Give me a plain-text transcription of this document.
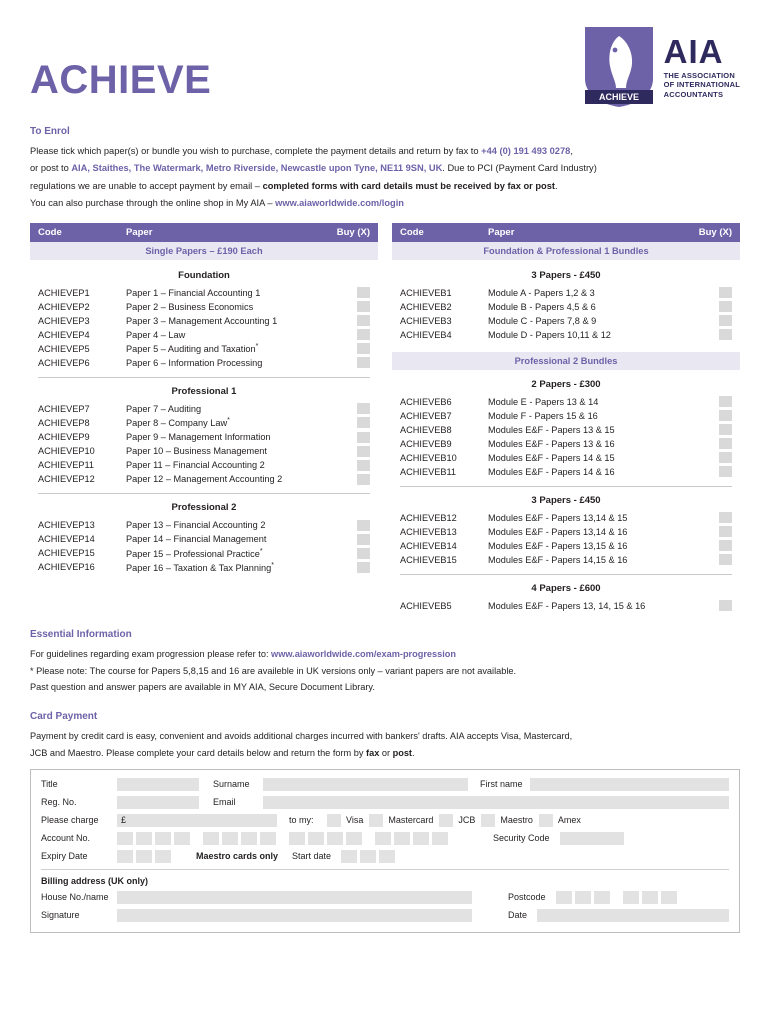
ACHIEVE	ACHIEVE
AIA
THE ASSOCIATION
OF INTERNATIONAL
ACCOUNTANTS
To Enrol

Please tick which paper(s) or bundle you wish to purchase, complete the payment details and return by fax to +44 (0) 191 493 0278,

or post to AIA, Staithes, The Watermark, Metro Riverside, Newcastle upon Tyne, NE11 9SN, UK. Due to PCI (Payment Card Industry)

regulations we are unable to accept payment by email – completed forms with card details must be received by fax or post.

You can also purchase through the online shop in My AIA – www.aiaworldwide.com/login

Code	Paper	Buy (X)
Single Papers – £190 Each
Foundation
ACHIEVEP1	Paper 1 – Financial Accounting 1
ACHIEVEP2	Paper 2 – Business Economics
ACHIEVEP3	Paper 3 – Management Accounting 1
ACHIEVEP4	Paper 4 – Law
ACHIEVEP5	Paper 5 – Auditing and Taxation*
ACHIEVEP6	Paper 6 – Information Processing
Professional 1
ACHIEVEP7	Paper 7 – Auditing
ACHIEVEP8	Paper 8 – Company Law*
ACHIEVEP9	Paper 9 – Management Information
ACHIEVEP10	Paper 10 – Business Management
ACHIEVEP11	Paper 11 – Financial Accounting 2
ACHIEVEP12	Paper 12 – Management Accounting 2
Professional 2
ACHIEVEP13	Paper 13 – Financial Accounting 2
ACHIEVEP14	Paper 14 – Financial Management
ACHIEVEP15	Paper 15 – Professional Practice*
ACHIEVEP16	Paper 16 – Taxation & Tax Planning*
Code	Paper	Buy (X)
Foundation & Professional 1 Bundles
3 Papers - £450
ACHIEVEB1	Module A - Papers 1,2 & 3
ACHIEVEB2	Module B - Papers 4,5 & 6
ACHIEVEB3	Module C - Papers 7,8 & 9
ACHIEVEB4	Module D - Papers 10,11 & 12
Professional 2 Bundles
2 Papers - £300
ACHIEVEB6	Module E - Papers 13 & 14
ACHIEVEB7	Module F - Papers 15 & 16
ACHIEVEB8	Modules E&F - Papers 13 & 15
ACHIEVEB9	Modules E&F - Papers 13 & 16
ACHIEVEB10	Modules E&F - Papers 14 & 15
ACHIEVEB11	Modules E&F - Papers 14 & 16
3 Papers - £450
ACHIEVEB12	Modules E&F - Papers 13,14 & 15
ACHIEVEB13	Modules E&F - Papers 13,14 & 16
ACHIEVEB14	Modules E&F - Papers 13,15 & 16
ACHIEVEB15	Modules E&F - Papers 14,15 & 16
4 Papers - £600
ACHIEVEB5	Modules E&F - Papers 13, 14, 15 & 16
Essential Information

For guidelines regarding exam progression please refer to: www.aiaworldwide.com/exam-progression

* Please note: The course for Papers 5,8,15 and 16 are availeble in UK versions only – variant papers are not available.

Past question and answer papers are available in MY AIA, Secure Document Library.

Card Payment

Payment by credit card is easy, convenient and avoids additional charges incurred with bankers' drafts. AIA accepts Visa, Mastercard,

JCB and Maestro. Please complete your card details below and return the form by fax or post.

Title	Surname	First name
Reg. No.	Email
Please charge	£	to my:	Visa	Mastercard	JCB	Maestro	Amex
Account No.	Security Code
Expiry Date	Maestro cards only Start date
Billing address (UK only)
House No./name	Postcode
Signature	Date
